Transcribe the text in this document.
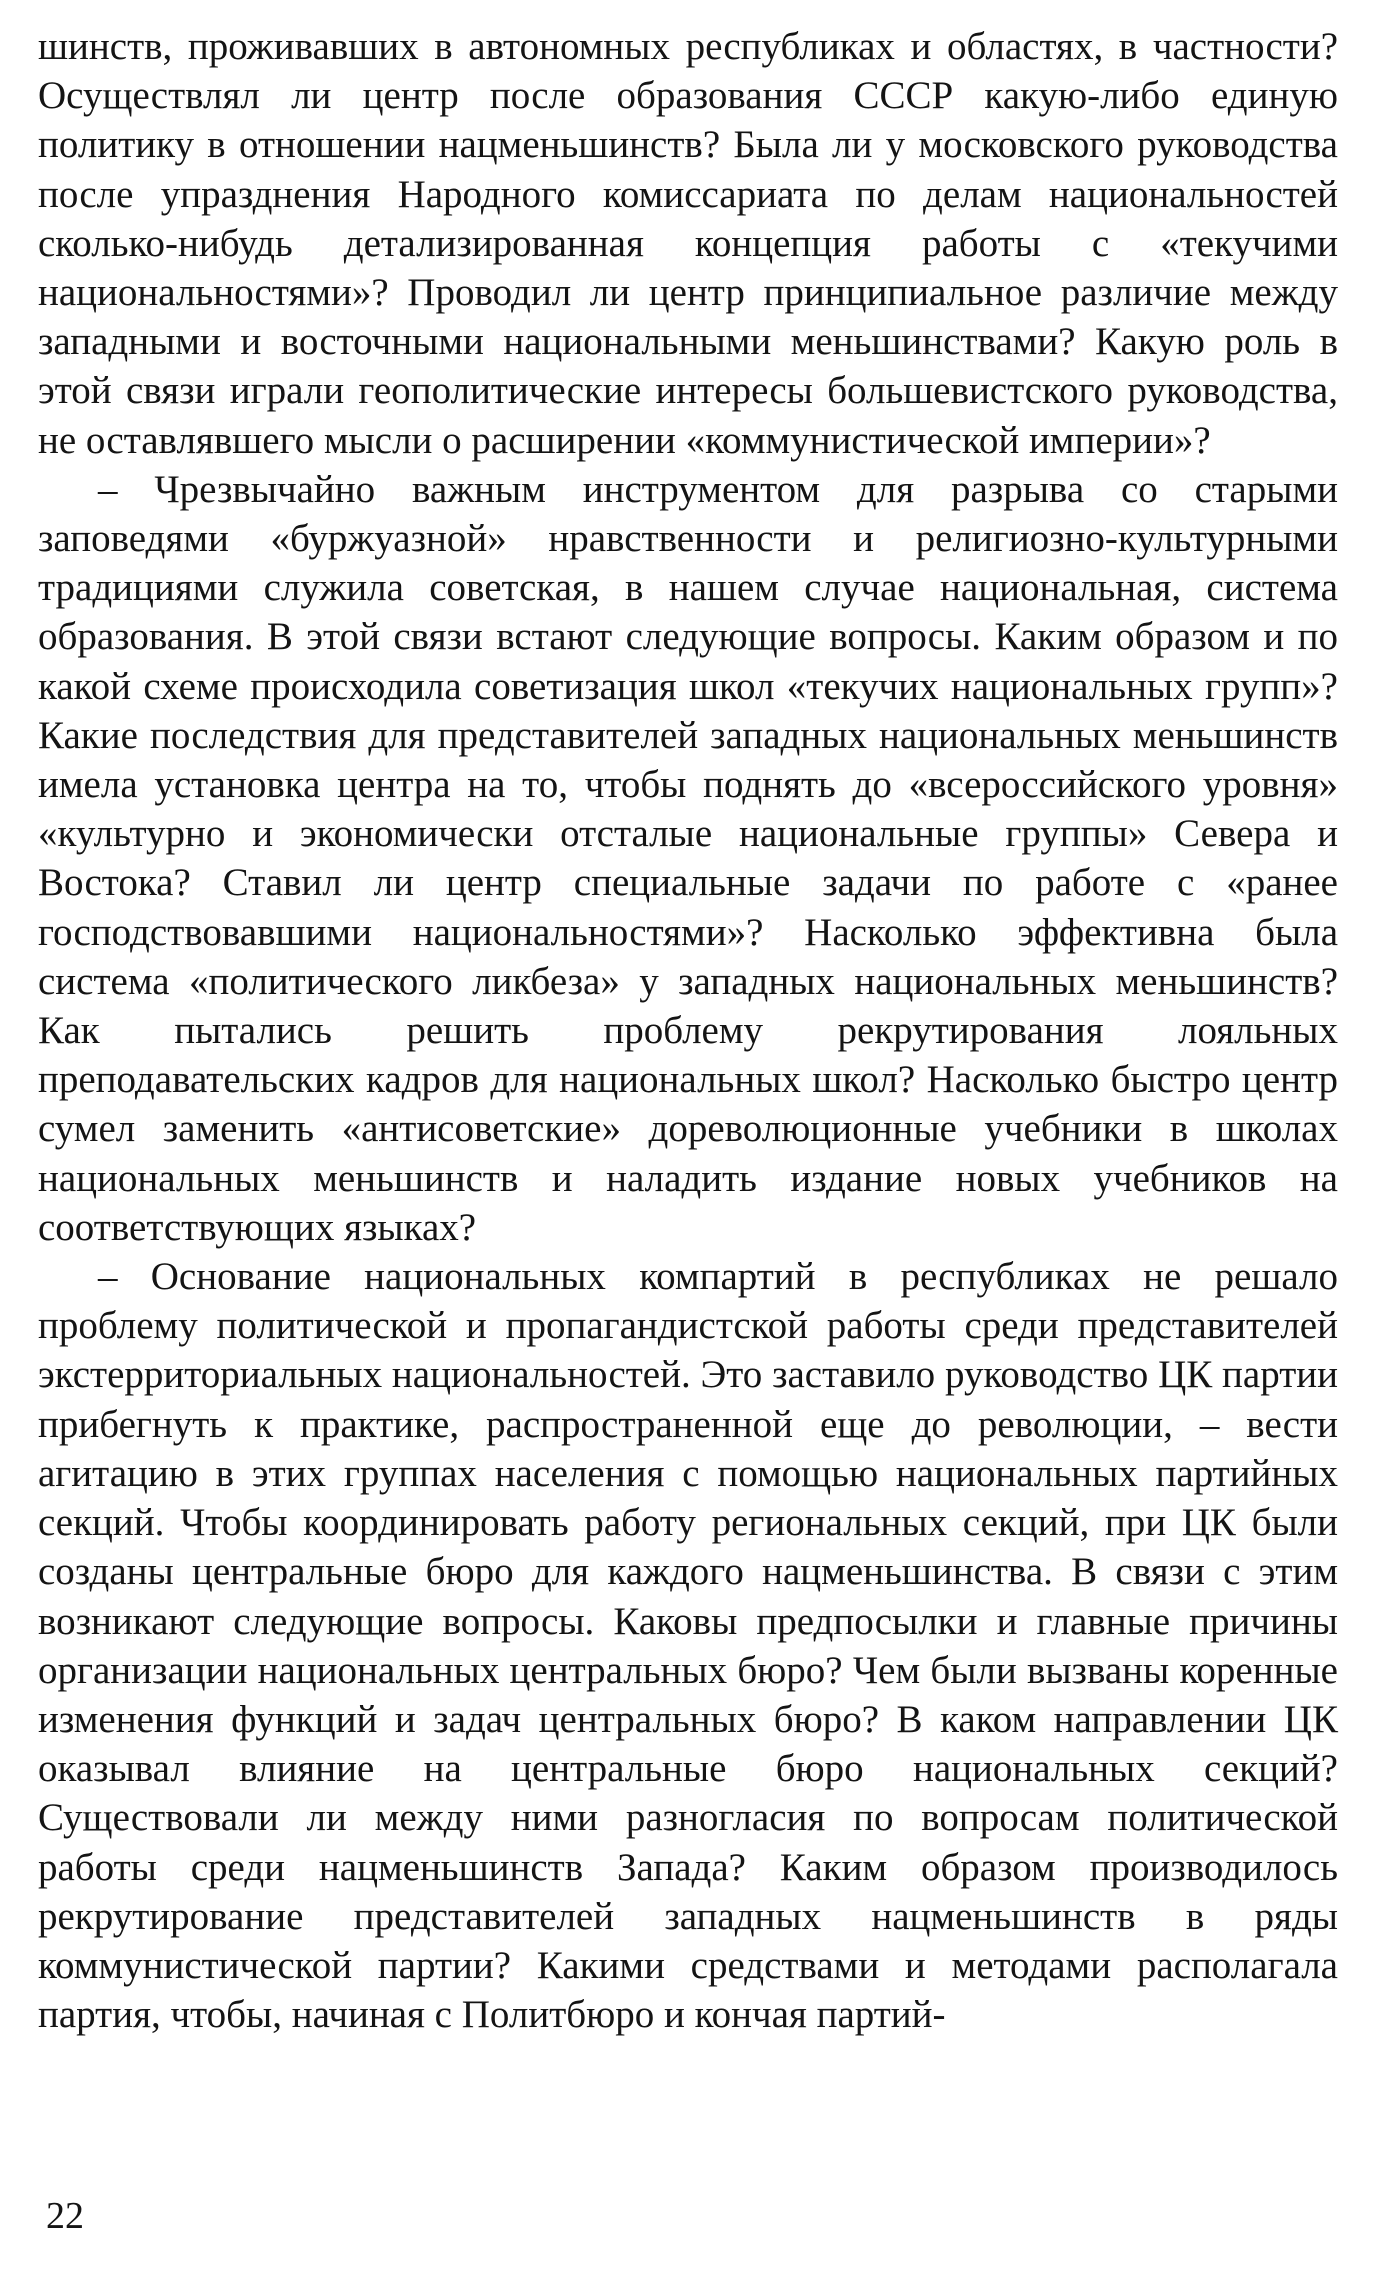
шинств, проживавших в автономных республиках и областях, в частности? Осуществлял ли центр после образования СССР какую-либо единую политику в отношении нацменьшинств? Была ли у московского руководства после упразднения Народного комиссариата по делам национальностей сколько-нибудь детализированная концепция работы с «текучими национальностями»? Проводил ли центр принципиальное различие между западными и восточными национальными меньшинствами? Какую роль в этой связи играли геополитические интересы большевистского руководства, не оставлявшего мысли о расширении «коммунистической империи»?

– Чрезвычайно важным инструментом для разрыва со старыми заповедями «буржуазной» нравственности и религиозно-культурными традициями служила советская, в нашем случае национальная, система образования. В этой связи встают следующие вопросы. Каким образом и по какой схеме происходила советизация школ «текучих национальных групп»? Какие последствия для представителей западных национальных меньшинств имела установка центра на то, чтобы поднять до «всероссийского уровня» «культурно и экономически отсталые национальные группы» Севера и Востока? Ставил ли центр специальные задачи по работе с «ранее господствовавшими национальностями»? Насколько эффективна была система «политического ликбеза» у западных национальных меньшинств? Как пытались решить проблему рекрутирования лояльных преподавательских кадров для национальных школ? Насколько быстро центр сумел заменить «антисоветские» дореволюционные учебники в школах национальных меньшинств и наладить издание новых учебников на соответствующих языках?

– Основание национальных компартий в республиках не решало проблему политической и пропагандистской работы среди представителей экстерриториальных национальностей. Это заставило руководство ЦК партии прибегнуть к практике, распространенной еще до революции, – вести агитацию в этих группах населения с помощью национальных партийных секций. Чтобы координировать работу региональных секций, при ЦК были созданы центральные бюро для каждого нацменьшинства. В связи с этим возникают следующие вопросы. Каковы предпосылки и главные причины организации национальных центральных бюро? Чем были вызваны коренные изменения функций и задач центральных бюро? В каком направлении ЦК оказывал влияние на центральные бюро национальных секций? Существовали ли между ними разногласия по вопросам политической работы среди нацменьшинств Запада? Каким образом производилось рекрутирование представителей западных нацменьшинств в ряды коммунистической партии? Какими средствами и методами располагала партия, чтобы, начиная с Политбюро и кончая партий-

22
